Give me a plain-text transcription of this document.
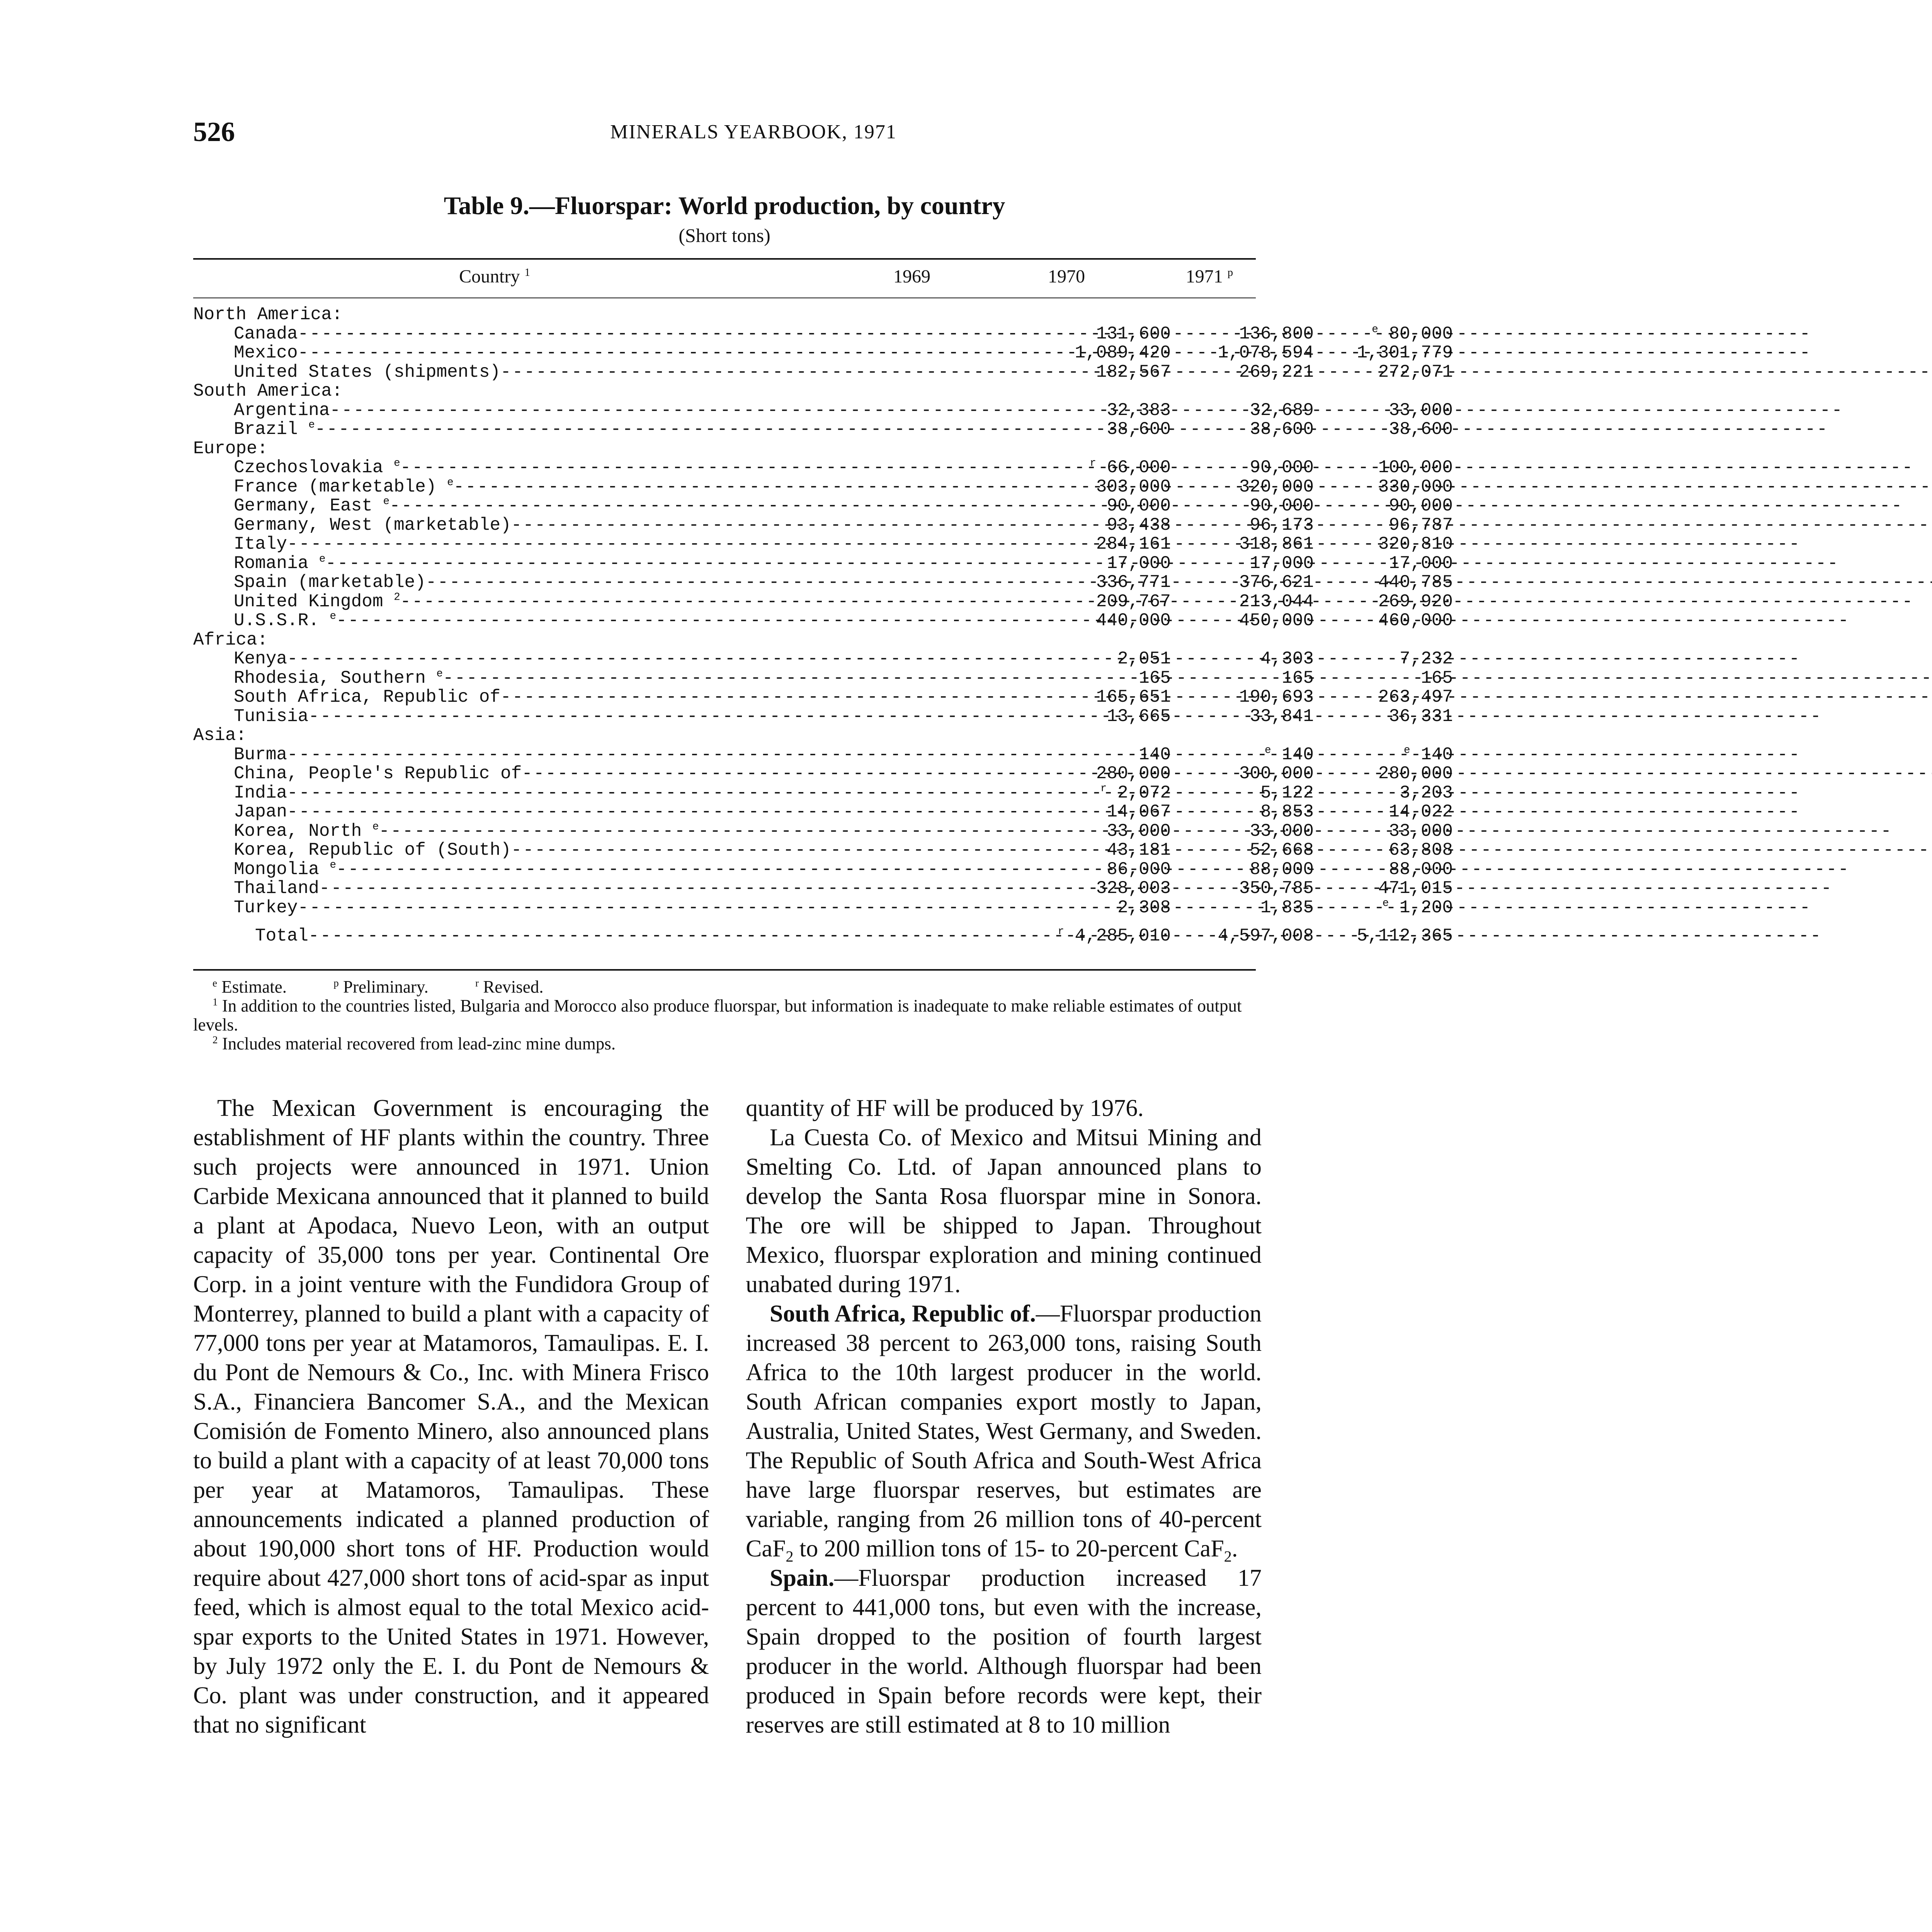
526	MINERALS YEARBOOK, 1971
Table 9.—Fluorspar: World production, by country
(Short tons)
Country $^1$	1969	1970	1971 $^p$
North America:
Canada -----	131,600	136,800	$^e$ 80,000
Mexico -----	1,089,420	1,078,594	1,301,779
United States (shipments) -----	182,567	269,221	272,071
South America:
Argentina -----	32,383	32,689	33,000
Brazil $^e$ -----	38,600	38,600	38,600
Europe:
Czechoslovakia $^e$ -----	$^r$ 66,000	90,000	100,000
France (marketable) $^e$ -----	303,000	320,000	330,000
Germany, East $^e$ -----	90,000	90,000	90,000
Germany, West (marketable) -----	93,438	96,173	96,787
Italy -----	284,161	318,861	320,810
Romania $^e$ -----	17,000	17,000	17,000
Spain (marketable) -----	336,771	376,621	440,785
United Kingdom $^2$ -----	209,767	213,044	269,920
U.S.S.R. $^e$ -----	440,000	450,000	460,000
Africa:
Kenya -----	2,051	4,303	7,232
Rhodesia, Southern $^e$ -----	165	165	165
South Africa, Republic of -----	165,651	190,693	263,497
Tunisia -----	13,665	33,841	36,331
Asia:
Burma -----	140	$^e$ 140	$^e$ 140
China, People's Republic of -----	280,000	300,000	280,000
India -----	$^r$ 2,072	5,122	3,203
Japan -----	14,067	8,853	14,022
Korea, North $^e$ -----	33,000	33,000	33,000
Korea, Republic of (South) -----	43,181	52,668	63,808
Mongolia $^e$ -----	86,000	88,000	88,000
Thailand -----	328,003	350,785	471,015
Turkey -----	2,308	1,835	$^e$ 1,200
Total -----	$^r$ 4,285,010	4,597,008	5,112,365

$^e$ Estimate.	$^p$ Preliminary.	$^r$ Revised.

$^1$ In addition to the countries listed, Bulgaria and Morocco also produce fluorspar, but information is inadequate to make reliable estimates of output levels.

$^2$ Includes material recovered from lead-zinc mine dumps.

The Mexican Government is encouraging the establishment of HF plants within the country. Three such projects were announced in 1971. Union Carbide Mexicana announced that it planned to build a plant at Apodaca, Nuevo Leon, with an output capacity of 35,000 tons per year. Continental Ore Corp. in a joint venture with the Fundidora Group of Monterrey, planned to build a plant with a capacity of 77,000 tons per year at Matamoros, Tamaulipas. E. I. du Pont de Nemours & Co., Inc. with Minera Frisco S.A., Financiera Bancomer S.A., and the Mexican Comisión de Fomento Minero, also announced plans to build a plant with a capacity of at least 70,000 tons per year at Matamoros, Tamaulipas. These announcements indicated a planned production of about 190,000 short tons of HF. Production would require about 427,000 short tons of acid-spar as input feed, which is almost equal to the total Mexico acid-spar exports to the United States in 1971. However, by July 1972 only the E. I. du Pont de Nemours & Co. plant was under construction, and it appeared that no significant

quantity of HF will be produced by 1976.

La Cuesta Co. of Mexico and Mitsui Mining and Smelting Co. Ltd. of Japan announced plans to develop the Santa Rosa fluorspar mine in Sonora. The ore will be shipped to Japan. Throughout Mexico, fluorspar exploration and mining continued unabated during 1971.

South Africa, Republic of.—Fluorspar production increased 38 percent to 263,000 tons, raising South Africa to the 10th largest producer in the world. South African companies export mostly to Japan, Australia, United States, West Germany, and Sweden. The Republic of South Africa and South-West Africa have large fluorspar reserves, but estimates are variable, ranging from 26 million tons of 40-percent CaF$_2$ to 200 million tons of 15- to 20-percent CaF$_2$.

Spain.—Fluorspar production increased 17 percent to 441,000 tons, but even with the increase, Spain dropped to the position of fourth largest producer in the world. Although fluorspar had been produced in Spain before records were kept, their reserves are still estimated at 8 to 10 million
